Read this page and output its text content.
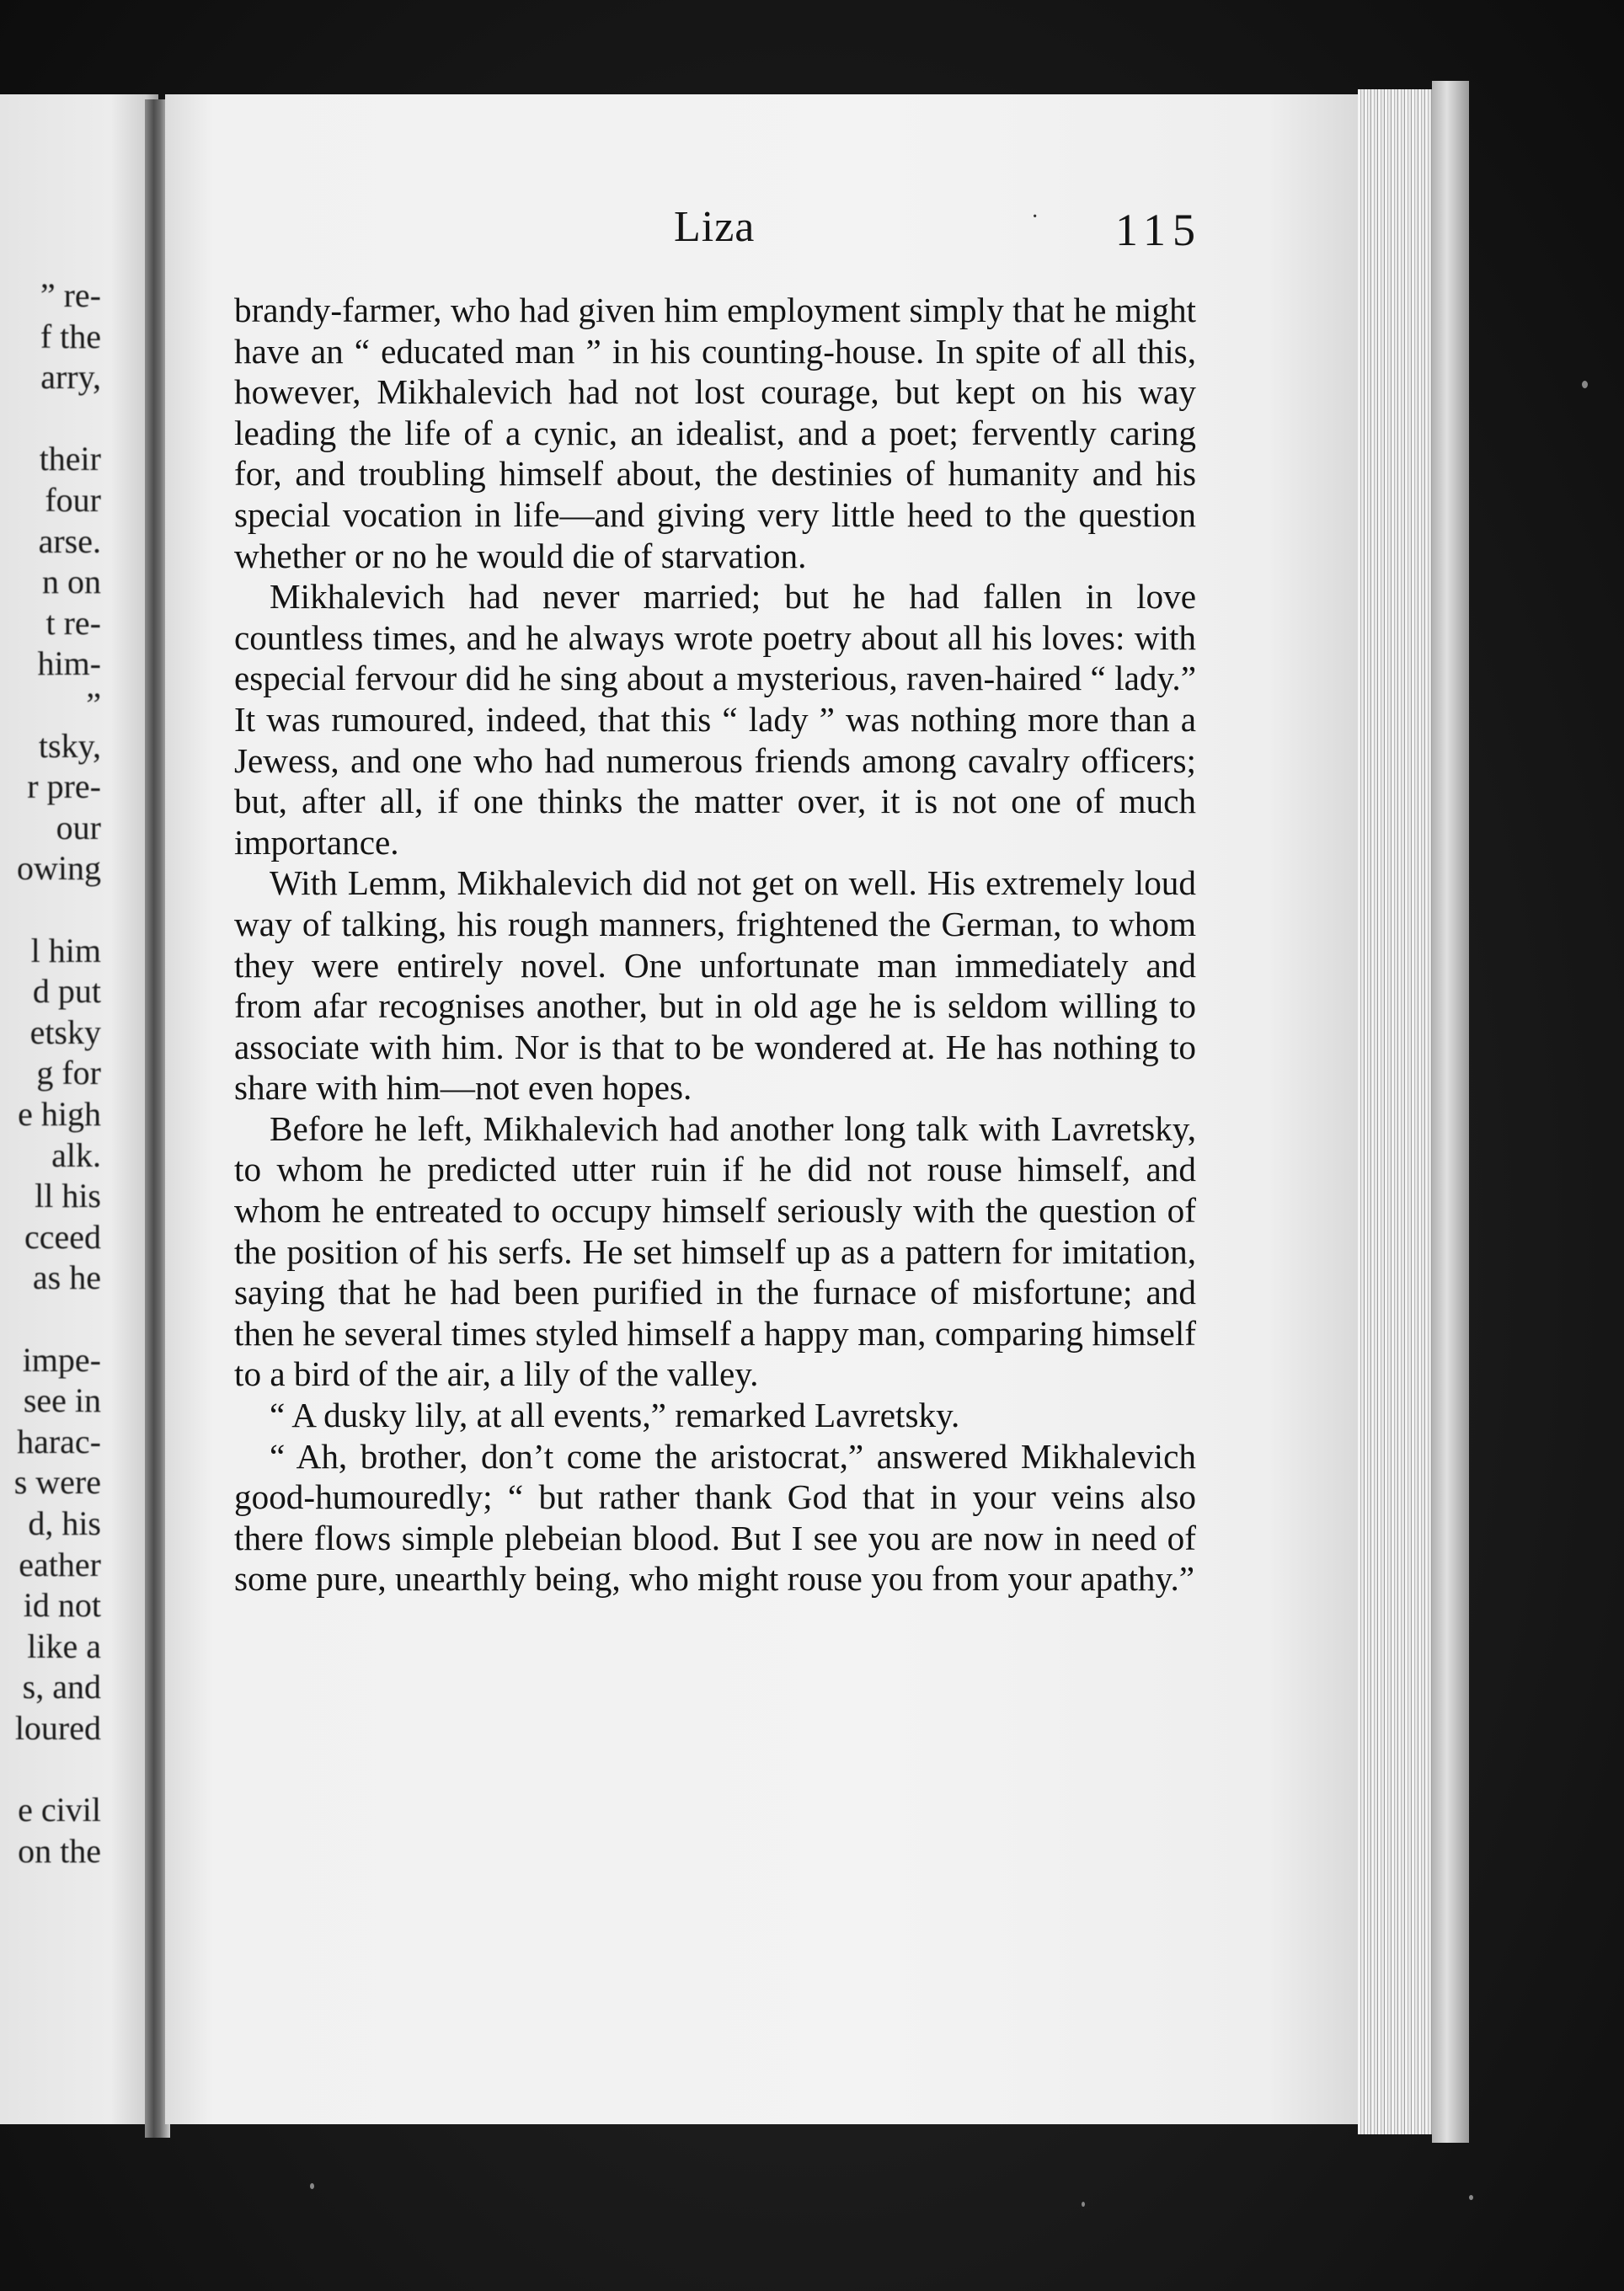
” re-
f the
arry,
their
four
arse.
n on
t re-
him-
”
tsky,
r pre-
our
owing
l him
d put
etsky
g for
e high
alk.
ll his
cceed
as he
impe-
see in
harac-
s were
d, his
eather
id not
like a
s, and
loured
e civil
on the
Liza	· 115

brandy-farmer, who had given him employment simply that he might have an “ educated man ” in his counting-house. In spite of all this, however, Mikhalevich had not lost courage, but kept on his way leading the life of a cynic, an idealist, and a poet; fervently caring for, and troubling himself about, the destinies of humanity and his special vocation in life—and giving very little heed to the question whether or no he would die of starvation.

Mikhalevich had never married; but he had fallen in love countless times, and he always wrote poetry about all his loves: with especial fervour did he sing about a mysterious, raven-haired “ lady.” It was rumoured, indeed, that this “ lady ” was nothing more than a Jewess, and one who had numerous friends among cavalry officers; but, after all, if one thinks the matter over, it is not one of much importance.

With Lemm, Mikhalevich did not get on well. His extremely loud way of talking, his rough manners, frightened the German, to whom they were entirely novel. One unfortunate man immediately and from afar recognises another, but in old age he is seldom willing to associate with him. Nor is that to be wondered at. He has nothing to share with him—not even hopes.

Before he left, Mikhalevich had another long talk with Lavretsky, to whom he predicted utter ruin if he did not rouse himself, and whom he entreated to occupy himself seriously with the question of the position of his serfs. He set himself up as a pattern for imitation, saying that he had been purified in the furnace of misfortune; and then he several times styled himself a happy man, comparing himself to a bird of the air, a lily of the valley.

“ A dusky lily, at all events,” remarked Lavretsky.

“ Ah, brother, don’t come the aristocrat,” answered Mikhalevich good-humouredly; “ but rather thank God that in your veins also there flows simple plebeian blood. But I see you are now in need of some pure, unearthly being, who might rouse you from your apathy.”
